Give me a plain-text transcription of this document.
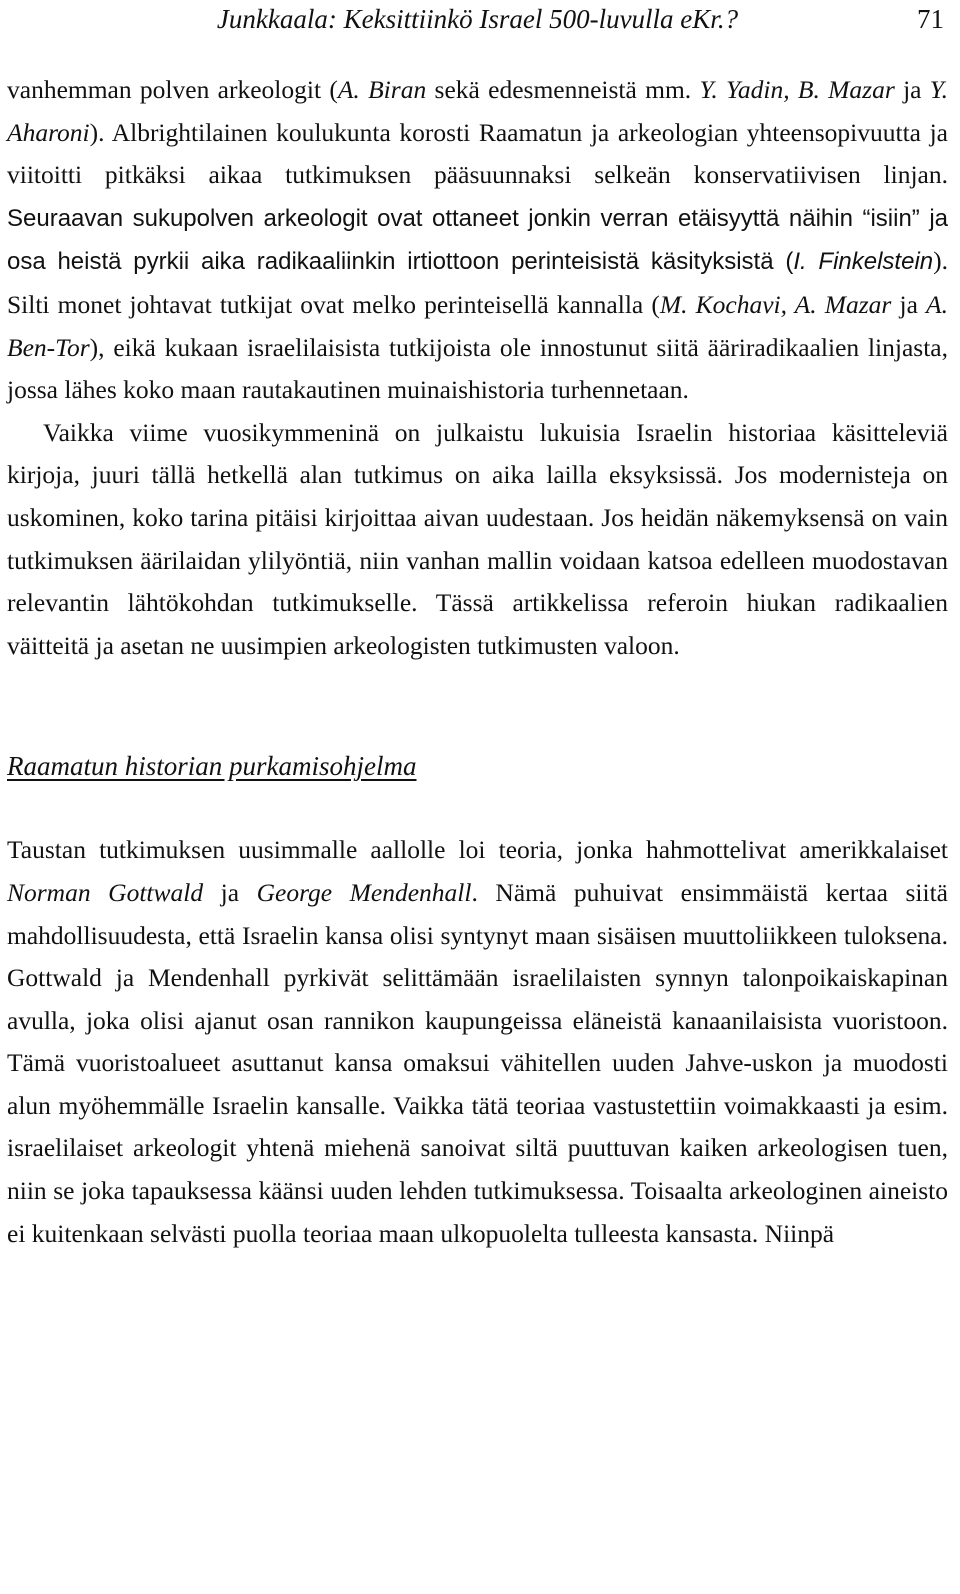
Junkkaala: Keksittiinkö Israel 500-luvulla eKr.?	71

vanhemman polven arkeologit (A. Biran sekä edesmenneistä mm. Y. Yadin, B. Mazar ja Y. Aharoni). Albrightilainen koulukunta korosti Raamatun ja arkeologian yhteensopivuutta ja viitoitti pitkäksi aikaa tutkimuksen pääsuunnaksi selkeän konservatiivisen linjan. Seuraavan sukupolven arkeologit ovat ottaneet jonkin verran etäisyyttä näihin “isiin” ja osa heistä pyrkii aika radikaaliinkin irtiottoon perinteisistä käsityksistä (I. Finkelstein). Silti monet johtavat tutkijat ovat melko perinteisellä kannalla (M. Kochavi, A. Mazar ja A. Ben-Tor), eikä kukaan israelilaisista tutkijoista ole innostunut siitä ääriradikaalien linjasta, jossa lähes koko maan rautakautinen muinaishistoria turhennetaan.

Vaikka viime vuosikymmeninä on julkaistu lukuisia Israelin historiaa käsitteleviä kirjoja, juuri tällä hetkellä alan tutkimus on aika lailla eksyksissä. Jos modernisteja on uskominen, koko tarina pitäisi kirjoittaa aivan uudestaan. Jos heidän näkemyksensä on vain tutkimuksen äärilaidan ylilyöntiä, niin vanhan mallin voidaan katsoa edelleen muodostavan relevantin lähtökohdan tutkimukselle. Tässä artikkelissa referoin hiukan radikaalien väitteitä ja asetan ne uusimpien arkeologisten tutkimusten valoon.

Raamatun historian purkamisohjelma

Taustan tutkimuksen uusimmalle aallolle loi teoria, jonka hahmottelivat amerikkalaiset Norman Gottwald ja George Mendenhall. Nämä puhuivat ensimmäistä kertaa siitä mahdollisuudesta, että Israelin kansa olisi syntynyt maan sisäisen muuttoliikkeen tuloksena. Gottwald ja Mendenhall pyrkivät selittämään israelilaisten synnyn talonpoikaiskapinan avulla, joka olisi ajanut osan rannikon kaupungeissa eläneistä kanaanilaisista vuoristoon. Tämä vuoristoalueet asuttanut kansa omaksui vähitellen uuden Jahve-uskon ja muodosti alun myöhemmälle Israelin kansalle. Vaikka tätä teoriaa vastustettiin voimakkaasti ja esim. israelilaiset arkeologit yhtenä miehenä sanoivat siltä puuttuvan kaiken arkeologisen tuen, niin se joka tapauksessa käänsi uuden lehden tutkimuksessa. Toisaalta arkeologinen aineisto ei kuitenkaan selvästi puolla teoriaa maan ulkopuolelta tulleesta kansasta. Niinpä
